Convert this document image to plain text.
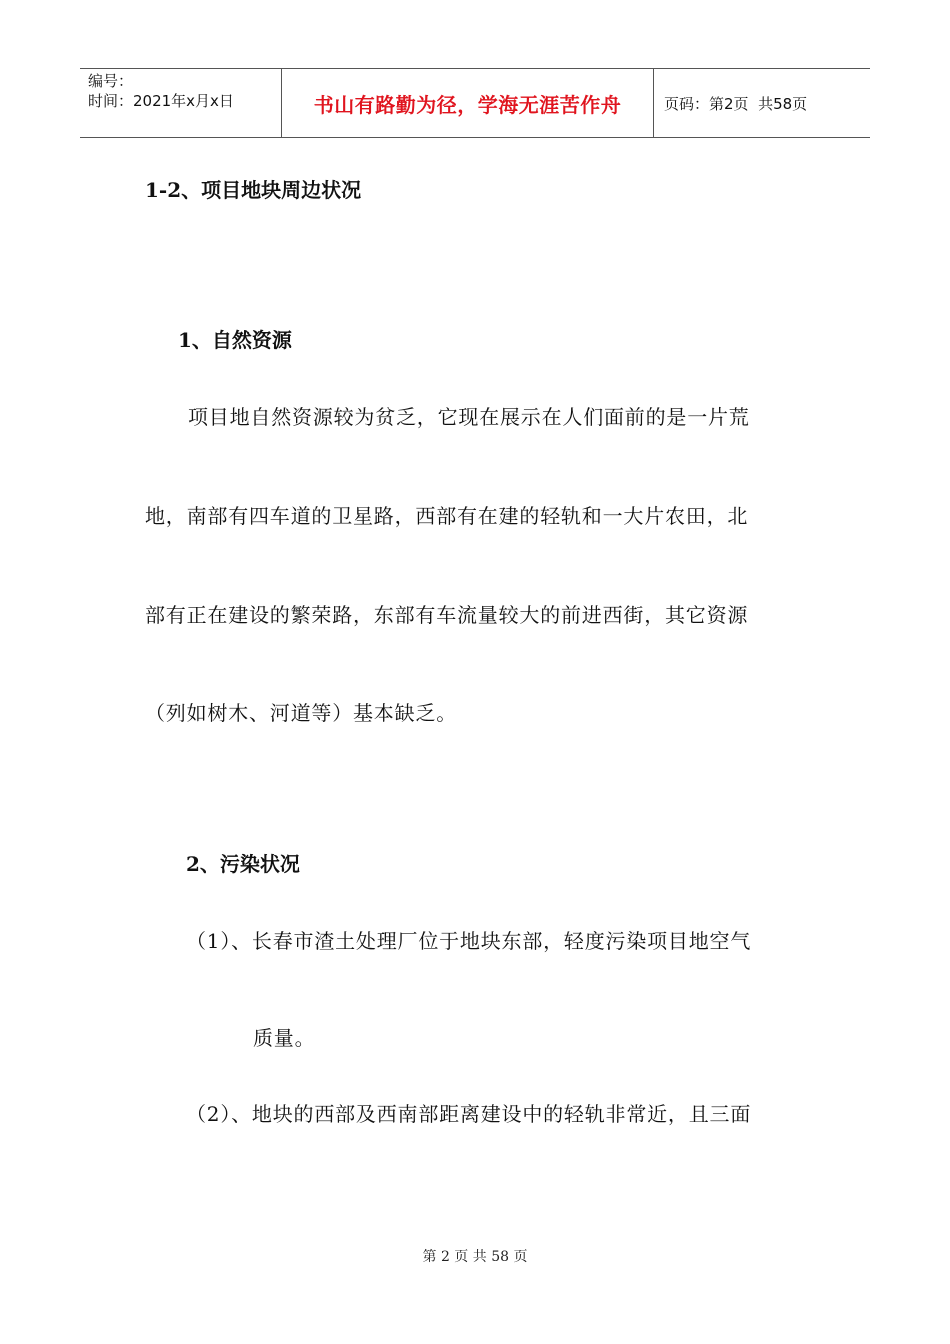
编号：
时间：2021年x月x日	书山有路勤为径，学海无涯苦作舟	页码：第2页  共58页
1-2、项目地块周边状况
1、自然资源
项目地自然资源较为贫乏，它现在展示在人们面前的是一片荒
地，南部有四车道的卫星路，西部有在建的轻轨和一大片农田，北
部有正在建设的繁荣路，东部有车流量较大的前进西街，其它资源
（列如树木、河道等）基本缺乏。
2、污染状况
（1）、长春市渣土处理厂位于地块东部，轻度污染项目地空气
质量。
（2）、地块的西部及西南部距离建设中的轻轨非常近，且三面
第 2 页 共 58 页
